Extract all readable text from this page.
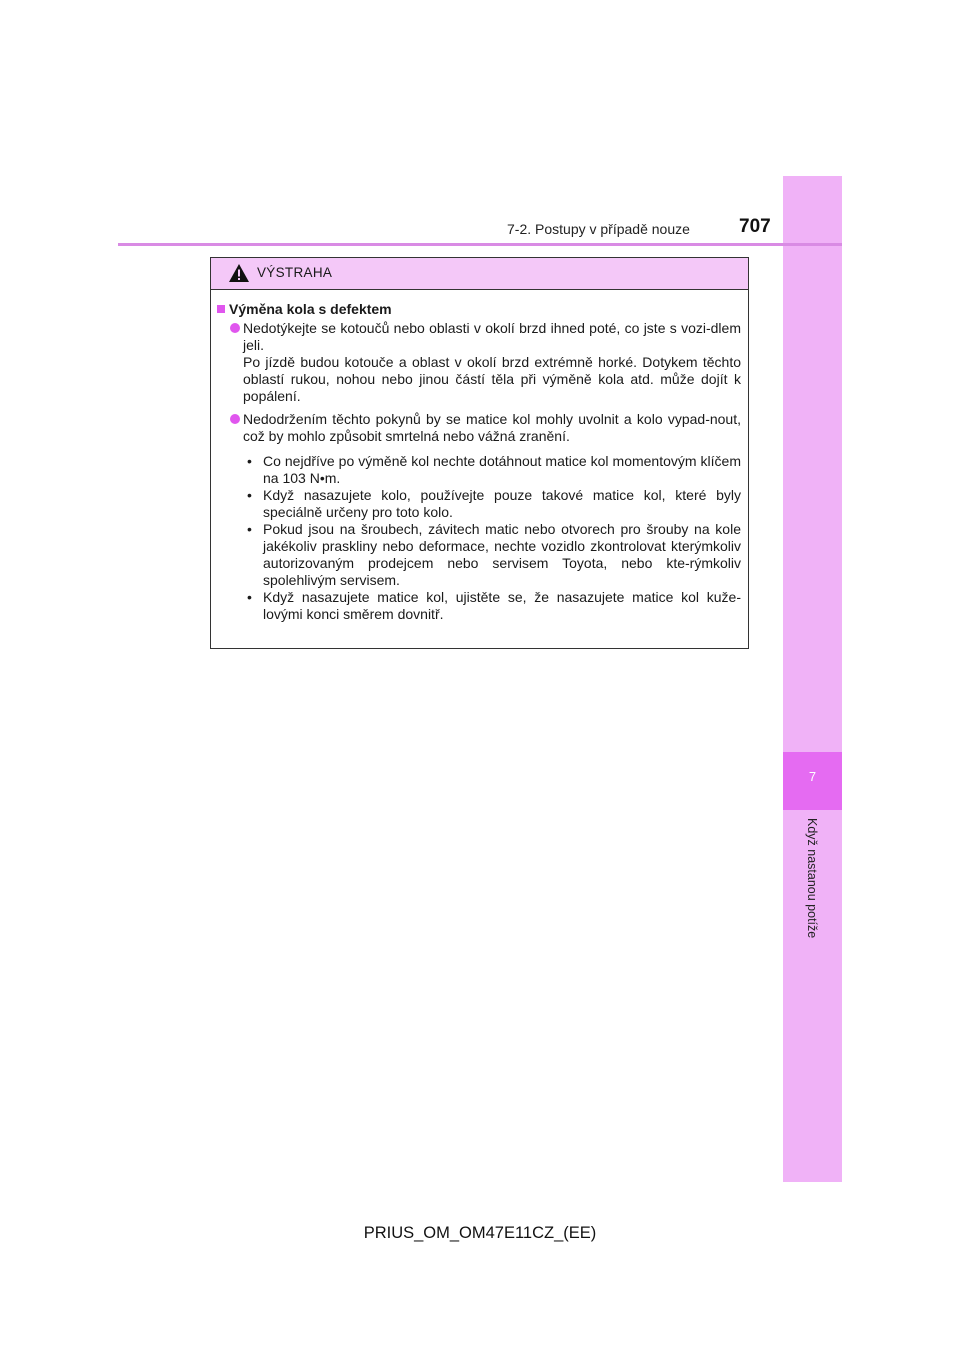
7
Když nastanou potíže
7-2. Postupy v případě nouze	707
VÝSTRAHA
Výměna kola s defektem
Nedotýkejte se kotoučů nebo oblasti v okolí brzd ihned poté, co jste s vozi-dlem jeli.
Po jízdě budou kotouče a oblast v okolí brzd extrémně horké. Dotykem těchto oblastí rukou, nohou nebo jinou částí těla při výměně kola atd. může dojít k popálení.
Nedodržením těchto pokynů by se matice kol mohly uvolnit a kolo vypad-nout, což by mohlo způsobit smrtelná nebo vážná zranění.
• Co nejdříve po výměně kol nechte dotáhnout matice kol momentovým klíčem na 103 N•m.
• Když nasazujete kolo, používejte pouze takové matice kol, které byly speciálně určeny pro toto kolo.
• Pokud jsou na šroubech, závitech matic nebo otvorech pro šrouby na kole jakékoliv praskliny nebo deformace, nechte vozidlo zkontrolovat kterýmkoliv autorizovaným prodejcem nebo servisem Toyota, nebo kte-rýmkoliv spolehlivým servisem.
• Když nasazujete matice kol, ujistěte se, že nasazujete matice kol kuže-lovými konci směrem dovnitř.
PRIUS_OM_OM47E11CZ_(EE)
